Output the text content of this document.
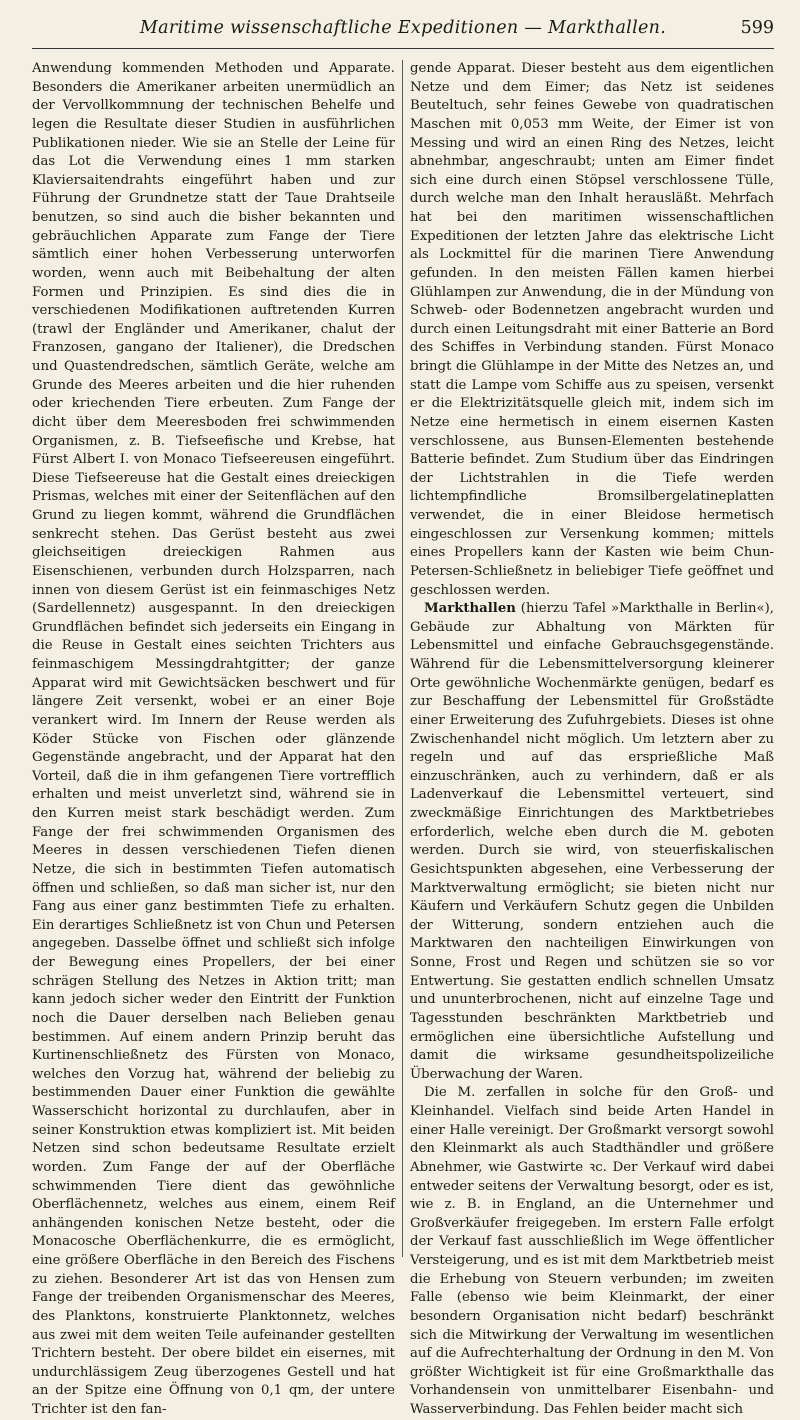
Maritime wissenschaftliche Expeditionen — Markthallen.	599

Anwendung kommenden Methoden und Apparate. Besonders die Amerikaner arbeiten unermüdlich an der Vervollkommnung der technischen Behelfe und legen die Resultate dieser Studien in ausführlichen Publikationen nieder. Wie sie an Stelle der Leine für das Lot die Verwendung eines 1 mm starken Klaviersaitendrahts eingeführt haben und zur Führung der Grundnetze statt der Taue Drahtseile benutzen, so sind auch die bisher bekannten und gebräuchlichen Apparate zum Fange der Tiere sämtlich einer hohen Verbesserung unterworfen worden, wenn auch mit Beibehaltung der alten Formen und Prinzipien. Es sind dies die in verschiedenen Modifikationen auftretenden Kurren (trawl der Engländer und Amerikaner, chalut der Franzosen, gangano der Italiener), die Dredschen und Quastendredschen, sämtlich Geräte, welche am Grunde des Meeres arbeiten und die hier ruhenden oder kriechenden Tiere erbeuten. Zum Fange der dicht über dem Meeresboden frei schwimmenden Organismen, z. B. Tiefseefische und Krebse, hat Fürst Albert I. von Monaco Tiefseereusen eingeführt. Diese Tiefseereuse hat die Gestalt eines dreieckigen Prismas, welches mit einer der Seitenflächen auf den Grund zu liegen kommt, während die Grundflächen senkrecht stehen. Das Gerüst besteht aus zwei gleichseitigen dreieckigen Rahmen aus Eisenschienen, verbunden durch Holzsparren, nach innen von diesem Gerüst ist ein feinmaschiges Netz (Sardellennetz) ausgespannt. In den dreieckigen Grundflächen befindet sich jederseits ein Eingang in die Reuse in Gestalt eines seichten Trichters aus feinmaschigem Messingdrahtgitter; der ganze Apparat wird mit Gewichtsäcken beschwert und für längere Zeit versenkt, wobei er an einer Boje verankert wird. Im Innern der Reuse werden als Köder Stücke von Fischen oder glänzende Gegenstände angebracht, und der Apparat hat den Vorteil, daß die in ihm gefangenen Tiere vortrefflich erhalten und meist unverletzt sind, während sie in den Kurren meist stark beschädigt werden. Zum Fange der frei schwimmenden Organismen des Meeres in dessen verschiedenen Tiefen dienen Netze, die sich in bestimmten Tiefen automatisch öffnen und schließen, so daß man sicher ist, nur den Fang aus einer ganz bestimmten Tiefe zu erhalten. Ein derartiges Schließnetz ist von Chun und Petersen angegeben. Dasselbe öffnet und schließt sich infolge der Bewegung eines Propellers, der bei einer schrägen Stellung des Netzes in Aktion tritt; man kann jedoch sicher weder den Eintritt der Funktion noch die Dauer derselben nach Belieben genau bestimmen. Auf einem andern Prinzip beruht das Kurtinenschließnetz des Fürsten von Monaco, welches den Vorzug hat, während der beliebig zu bestimmenden Dauer einer Funktion die gewählte Wasserschicht horizontal zu durchlaufen, aber in seiner Konstruktion etwas kompliziert ist. Mit beiden Netzen sind schon bedeutsame Resultate erzielt worden. Zum Fange der auf der Oberfläche schwimmenden Tiere dient das gewöhnliche Oberflächennetz, welches aus einem, einem Reif anhängenden konischen Netze besteht, oder die Monacosche Oberflächenkurre, die es ermöglicht, eine größere Oberfläche in den Bereich des Fischens zu ziehen. Besonderer Art ist das von Hensen zum Fange der treibenden Organismenschar des Meeres, des Planktons, konstruierte Planktonnetz, welches aus zwei mit dem weiten Teile aufeinander gestellten Trichtern besteht. Der obere bildet ein eisernes, mit undurchlässigem Zeug überzogenes Gestell und hat an der Spitze eine Öffnung von 0,1 qm, der untere Trichter ist den fan-

gende Apparat. Dieser besteht aus dem eigentlichen Netze und dem Eimer; das Netz ist seidenes Beuteltuch, sehr feines Gewebe von quadratischen Maschen mit 0,053 mm Weite, der Eimer ist von Messing und wird an einen Ring des Netzes, leicht abnehmbar, angeschraubt; unten am Eimer findet sich eine durch einen Stöpsel verschlossene Tülle, durch welche man den Inhalt herausläßt. Mehrfach hat bei den maritimen wissenschaftlichen Expeditionen der letzten Jahre das elektrische Licht als Lockmittel für die marinen Tiere Anwendung gefunden. In den meisten Fällen kamen hierbei Glühlampen zur Anwendung, die in der Mündung von Schweb- oder Bodennetzen angebracht wurden und durch einen Leitungsdraht mit einer Batterie an Bord des Schiffes in Verbindung standen. Fürst Monaco bringt die Glühlampe in der Mitte des Netzes an, und statt die Lampe vom Schiffe aus zu speisen, versenkt er die Elektrizitätsquelle gleich mit, indem sich im Netze eine hermetisch in einem eisernen Kasten verschlossene, aus Bunsen-Elementen bestehende Batterie befindet. Zum Studium über das Eindringen der Lichtstrahlen in die Tiefe werden lichtempfindliche Bromsilbergelatineplatten verwendet, die in einer Bleidose hermetisch eingeschlossen zur Versenkung kommen; mittels eines Propellers kann der Kasten wie beim Chun-Petersen-Schließnetz in beliebiger Tiefe geöffnet und geschlossen werden.

Markthallen (hierzu Tafel »Markthalle in Berlin«), Gebäude zur Abhaltung von Märkten für Lebensmittel und einfache Gebrauchsgegenstände. Während für die Lebensmittelversorgung kleinerer Orte gewöhnliche Wochenmärkte genügen, bedarf es zur Beschaffung der Lebensmittel für Großstädte einer Erweiterung des Zufuhrgebiets. Dieses ist ohne Zwischenhandel nicht möglich. Um letztern aber zu regeln und auf das ersprießliche Maß einzuschränken, auch zu verhindern, daß er als Ladenverkauf die Lebensmittel verteuert, sind zweckmäßige Einrichtungen des Marktbetriebes erforderlich, welche eben durch die M. geboten werden. Durch sie wird, von steuerfiskalischen Gesichtspunkten abgesehen, eine Verbesserung der Marktverwaltung ermöglicht; sie bieten nicht nur Käufern und Verkäufern Schutz gegen die Unbilden der Witterung, sondern entziehen auch die Marktwaren den nachteiligen Einwirkungen von Sonne, Frost und Regen und schützen sie so vor Entwertung. Sie gestatten endlich schnellen Umsatz und ununterbrochenen, nicht auf einzelne Tage und Tagesstunden beschränkten Marktbetrieb und ermöglichen eine übersichtliche Aufstellung und damit die wirksame gesundheitspolizeiliche Überwachung der Waren.

Die M. zerfallen in solche für den Groß- und Kleinhandel. Vielfach sind beide Arten Handel in einer Halle vereinigt. Der Großmarkt versorgt sowohl den Kleinmarkt als auch Stadthändler und größere Abnehmer, wie Gastwirte ꝛc. Der Verkauf wird dabei entweder seitens der Verwaltung besorgt, oder es ist, wie z. B. in England, an die Unternehmer und Großverkäufer freigegeben. Im erstern Falle erfolgt der Verkauf fast ausschließlich im Wege öffentlicher Versteigerung, und es ist mit dem Marktbetrieb meist die Erhebung von Steuern verbunden; im zweiten Falle (ebenso wie beim Kleinmarkt, der einer besondern Organisation nicht bedarf) beschränkt sich die Mitwirkung der Verwaltung im wesentlichen auf die Aufrechterhaltung der Ordnung in den M. Von größter Wichtigkeit ist für eine Großmarkthalle das Vorhandensein von unmittelbarer Eisenbahn- und Wasserverbindung. Das Fehlen beider macht sich
